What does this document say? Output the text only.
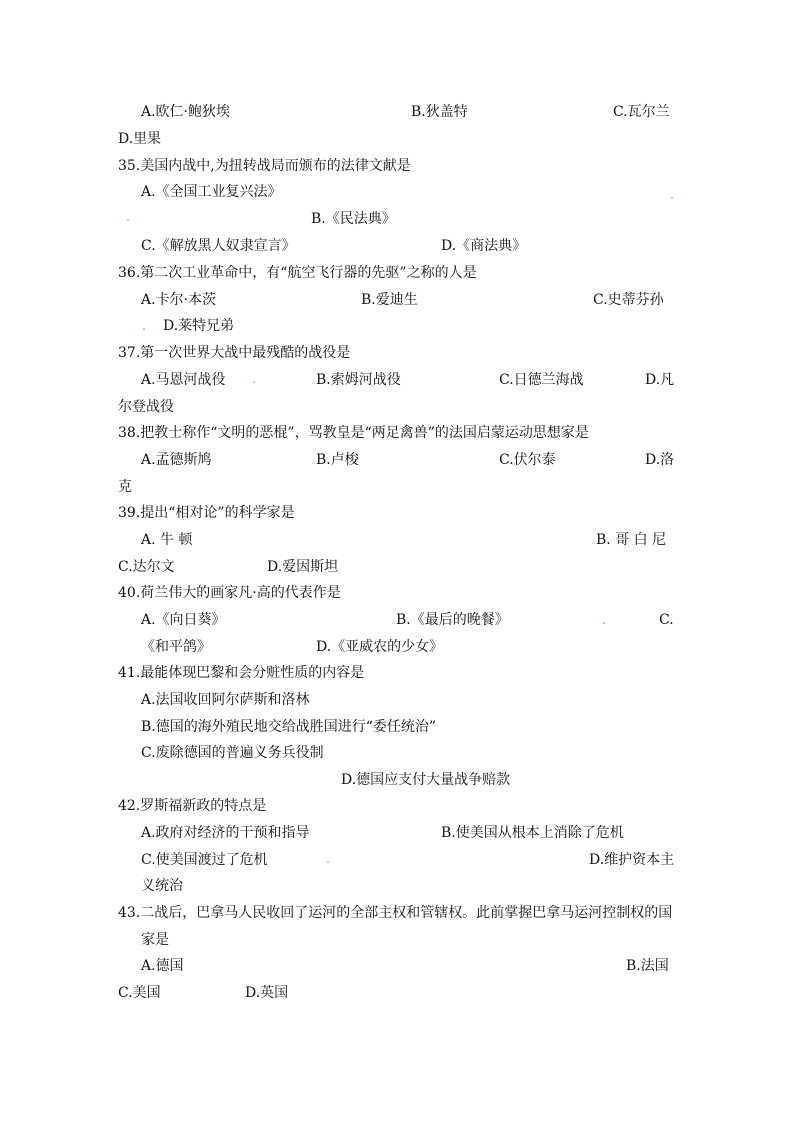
A.欧仁·鲍狄埃	B.狄盖特	C.瓦尔兰
D.里果
35.美国内战中,为扭转战局而颁布的法律文献是
A.《全国工业复兴法》
B.《民法典》
C.《解放黑人奴隶宣言》	D.《商法典》
36.第二次工业革命中，有“航空飞行器的先驱”之称的人是
A.卡尔·本茨	B.爱迪生	C.史蒂芬孙
D.莱特兄弟
37.第一次世界大战中最残酷的战役是
A.马恩河战役	B.索姆河战役	C.日德兰海战	D.凡
尔登战役
38.把教士称作“文明的恶棍”，骂教皇是“两足禽兽”的法国启蒙运动思想家是
A.孟德斯鸠	B.卢梭	C.伏尔泰	D.洛
克
39.提出“相对论”的科学家是
A. 牛 顿	B. 哥 白 尼
C.达尔文	D.爱因斯坦
40.荷兰伟大的画家凡·高的代表作是
A.《向日葵》	B.《最后的晚餐》	C.
《和平鸽》	D.《亚威农的少女》
41.最能体现巴黎和会分赃性质的内容是
A.法国收回阿尔萨斯和洛林
B.德国的海外殖民地交给战胜国进行“委任统治”
C.废除德国的普遍义务兵役制
D.德国应支付大量战争赔款
42.罗斯福新政的特点是
A.政府对经济的干预和指导	B.使美国从根本上消除了危机
C.使美国渡过了危机	D.维护资本主
义统治
43.二战后，巴拿马人民收回了运河的全部主权和管辖权。此前掌握巴拿马运河控制权的国
家是
A.德国	B.法国
C.美国	D.英国
